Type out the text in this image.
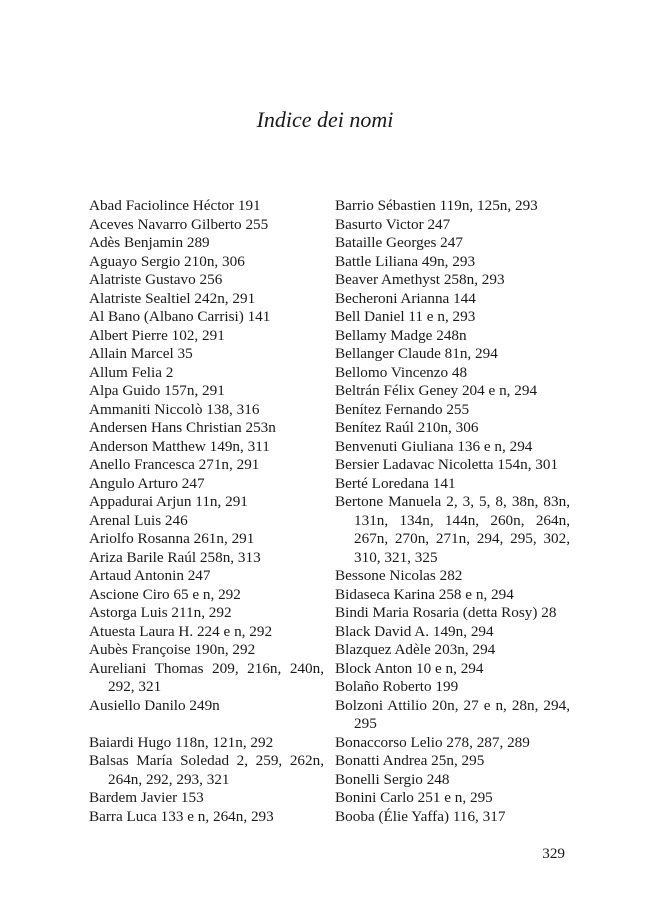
Indice dei nomi

Abad Faciolince Héctor 191

Aceves Navarro Gilberto 255

Adès Benjamin 289

Aguayo Sergio 210n, 306

Alatriste Gustavo 256

Alatriste Sealtiel 242n, 291

Al Bano (Albano Carrisi) 141

Albert Pierre 102, 291

Allain Marcel 35

Allum Felia 2

Alpa Guido 157n, 291

Ammaniti Niccolò 138, 316

Andersen Hans Christian 253n

Anderson Matthew 149n, 311

Anello Francesca 271n, 291

Angulo Arturo 247

Appadurai Arjun 11n, 291

Arenal Luis 246

Ariolfo Rosanna 261n, 291

Ariza Barile Raúl 258n, 313

Artaud Antonin 247

Ascione Ciro 65 e n, 292

Astorga Luis 211n, 292

Atuesta Laura H. 224 e n, 292

Aubès Françoise 190n, 292

Aureliani Thomas 209, 216n, 240n, 292, 321

Ausiello Danilo 249n

Baiardi Hugo 118n, 121n, 292

Balsas María Soledad 2, 259, 262n, 264n, 292, 293, 321

Bardem Javier 153

Barra Luca 133 e n, 264n, 293

Barrio Sébastien 119n, 125n, 293

Basurto Victor 247

Bataille Georges 247

Battle Liliana 49n, 293

Beaver Amethyst 258n, 293

Becheroni Arianna 144

Bell Daniel 11 e n, 293

Bellamy Madge 248n

Bellanger Claude 81n, 294

Bellomo Vincenzo 48

Beltrán Félix Geney 204 e n, 294

Benítez Fernando 255

Benítez Raúl 210n, 306

Benvenuti Giuliana 136 e n, 294

Bersier Ladavac Nicoletta 154n, 301

Berté Loredana 141

Bertone Manuela 2, 3, 5, 8, 38n, 83n, 131n, 134n, 144n, 260n, 264n, 267n, 270n, 271n, 294, 295, 302, 310, 321, 325

Bessone Nicolas 282

Bidaseca Karina 258 e n, 294

Bindi Maria Rosaria (detta Rosy) 28

Black David A. 149n, 294

Blazquez Adèle 203n, 294

Block Anton 10 e n, 294

Bolaño Roberto 199

Bolzoni Attilio 20n, 27 e n, 28n, 294, 295

Bonaccorso Lelio 278, 287, 289

Bonatti Andrea 25n, 295

Bonelli Sergio 248

Bonini Carlo 251 e n, 295

Booba (Élie Yaffa) 116, 317

329
